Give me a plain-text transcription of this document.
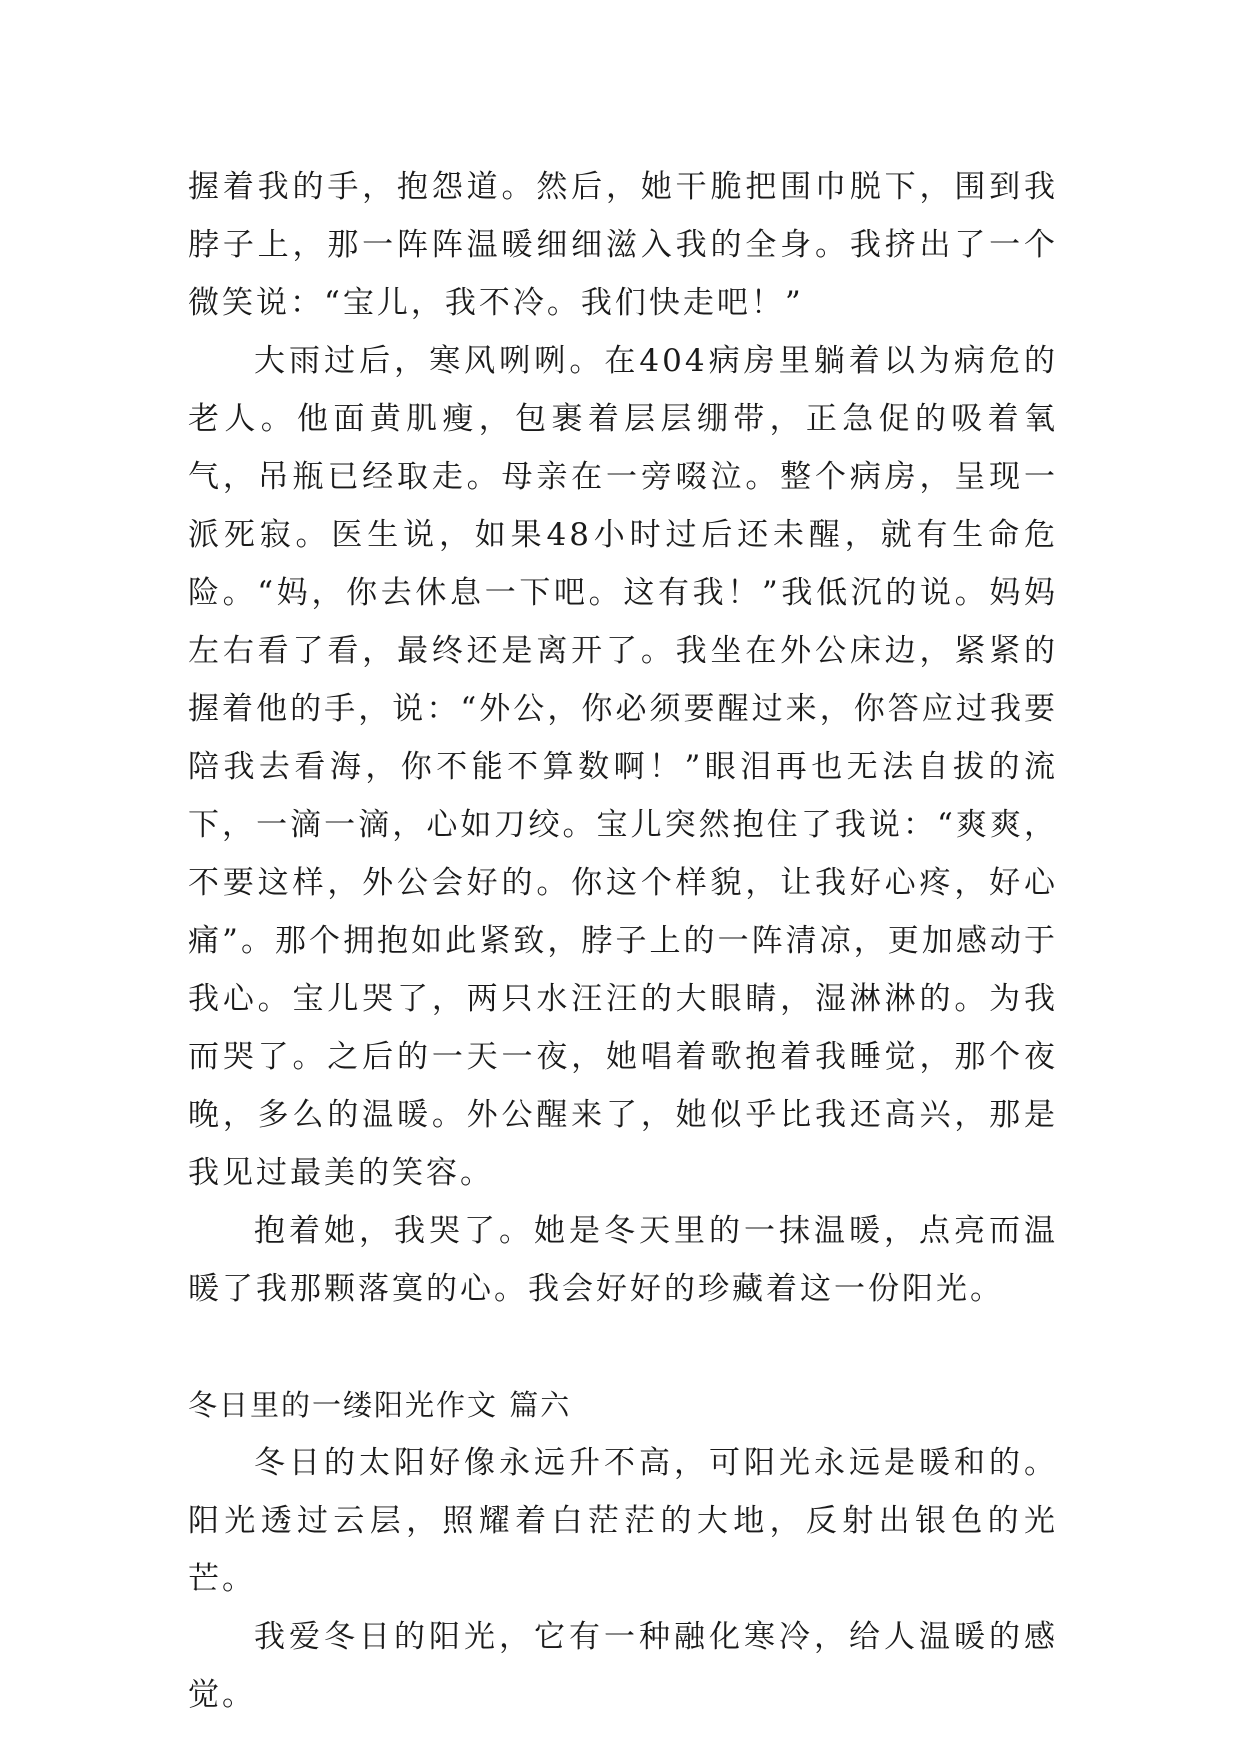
握着我的手，抱怨道。然后，她干脆把围巾脱下，围到我脖子上，那一阵阵温暖细细滋入我的全身。我挤出了一个微笑说：“宝儿，我不冷。我们快走吧！”

大雨过后，寒风咧咧。在404病房里躺着以为病危的老人。他面黄肌瘦，包裹着层层绷带，正急促的吸着氧气，吊瓶已经取走。母亲在一旁啜泣。整个病房，呈现一派死寂。医生说，如果48小时过后还未醒，就有生命危险。“妈，你去休息一下吧。这有我！”我低沉的说。妈妈左右看了看，最终还是离开了。我坐在外公床边，紧紧的握着他的手，说：“外公，你必须要醒过来，你答应过我要陪我去看海，你不能不算数啊！”眼泪再也无法自拔的流下，一滴一滴，心如刀绞。宝儿突然抱住了我说：“爽爽，不要这样，外公会好的。你这个样貌，让我好心疼，好心痛”。那个拥抱如此紧致，脖子上的一阵清凉，更加感动于我心。宝儿哭了，两只水汪汪的大眼睛，湿淋淋的。为我而哭了。之后的一天一夜，她唱着歌抱着我睡觉，那个夜晚，多么的温暖。外公醒来了，她似乎比我还高兴，那是我见过最美的笑容。

抱着她，我哭了。她是冬天里的一抹温暖，点亮而温暖了我那颗落寞的心。我会好好的珍藏着这一份阳光。

冬日里的一缕阳光作文 篇六

冬日的太阳好像永远升不高，可阳光永远是暖和的。阳光透过云层，照耀着白茫茫的大地，反射出银色的光芒。

我爱冬日的阳光，它有一种融化寒冷，给人温暖的感觉。
